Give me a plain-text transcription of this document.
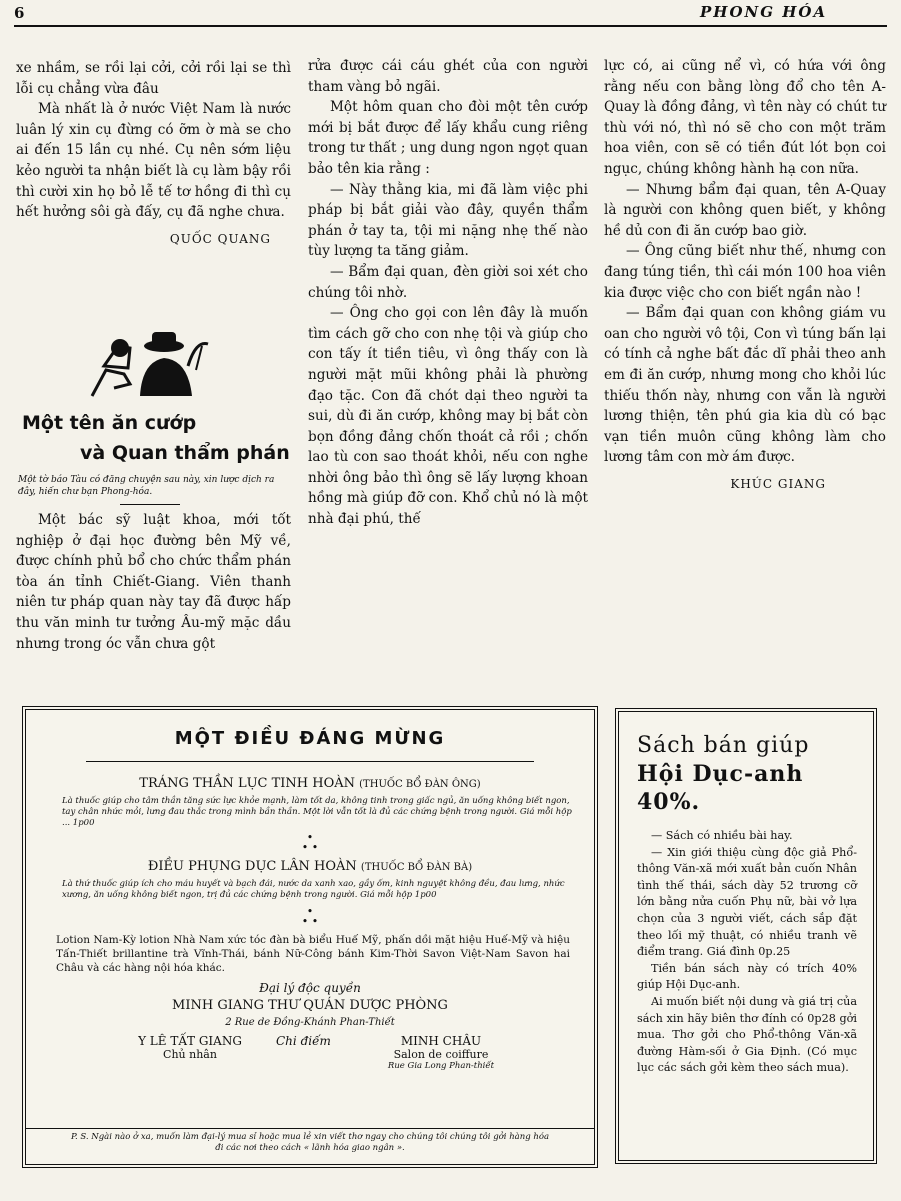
6	PHONG HÓA

xe nhầm, se rồi lại cởi, cởi rồi lại se thì lỗi cụ chẳng vừa đâu

Mà nhất là ở nước Việt Nam là nước luân lý xin cụ đừng có ỡm ờ mà se cho ai đến 15 lần cụ nhé. Cụ nên sớm liệu kẻo người ta nhận biết là cụ làm bậy rồi thì cười xin họ bỏ lễ tế tơ hồng đi thì cụ hết hưởng sôi gà đấy, cụ đã nghe chưa.

QUỐC QUANG
Một tên ăn cướp
và Quan thẩm phán
Một tờ báo Tàu có đăng chuyện sau này, xin lược dịch ra đây, hiến chư bạn Phong-hóa.

Một bác sỹ luật khoa, mới tốt nghiệp ở đại học đường bên Mỹ về, được chính phủ bổ cho chức thẩm phán tòa án tỉnh Chiết-Giang. Viên thanh niên tư pháp quan này tay đã được hấp thu văn minh tư tưởng Âu-mỹ mặc dầu nhưng trong óc vẫn chưa gột

rửa được cái cáu ghét của con người tham vàng bỏ ngãi.

Một hôm quan cho đòi một tên cướp mới bị bắt được để lấy khẩu cung riêng trong tư thất ; ung dung ngon ngọt quan bảo tên kia rằng :

— Này thằng kia, mi đã làm việc phi pháp bị bắt giải vào đây, quyền thẩm phán ở tay ta, tội mi nặng nhẹ thế nào tùy lượng ta tăng giảm.

— Bẩm đại quan, đèn giời soi xét cho chúng tôi nhờ.

— Ông cho gọi con lên đây là muốn tìm cách gỡ cho con nhẹ tội và giúp cho con tấy ít tiền tiêu, vì ông thấy con là người mặt mũi không phải là phường đạo tặc. Con đã chót dại theo người ta sui, dù đi ăn cướp, không may bị bắt còn bọn đồng đảng chốn thoát cả rồi ; chốn lao tù con sao thoát khỏi, nếu con nghe nhời ông bảo thì ông sẽ lấy lượng khoan hồng mà giúp đỡ con. Khổ chủ nó là một nhà đại phú, thế

lực có, ai cũng nể vì, có hứa với ông rằng nếu con bằng lòng đổ cho tên A-Quay là đồng đảng, vì tên này có chút tư thù với nó, thì nó sẽ cho con một trăm hoa viên, con sẽ có tiền đút lót bọn coi ngục, chúng không hành hạ con nữa.

— Nhưng bẩm đại quan, tên A-Quay là người con không quen biết, y không hề dủ con đi ăn cướp bao giờ.

— Ông cũng biết như thế, nhưng con đang túng tiền, thì cái món 100 hoa viên kia được việc cho con biết ngần nào !

— Bẩm đại quan con không giám vu oan cho người vô tội, Con vì túng bấn lại có tính cả nghe bất đắc dĩ phải theo anh em đi ăn cướp, nhưng mong cho khỏi lúc thiếu thốn này, nhưng con vẫn là người lương thiện, tên phú gia kia dù có bạc vạn tiền muôn cũng không làm cho lương tâm con mờ ám được.

KHÚC GIANG
MỘT ĐIỀU ĐÁNG MỪNG
TRÁNG THẦN LỤC TINH HOÀN (THUỐC BỔ ĐÀN ÔNG)
Là thuốc giúp cho tâm thần tăng sức lực khỏe mạnh, làm tốt da, không tinh trong giấc ngủ, ăn uống không biết ngon, tay chân nhức mỏi, lưng đau thắc trong mình bần thần. Một lời vẫn tốt là đủ các chứng bệnh trong người. Giá mỗi hộp ... 1p00
•
• •
ĐIỀU PHỤNG DỤC LÂN HOÀN (THUỐC BỔ ĐÀN BÀ)
Là thứ thuốc giúp ích cho máu huyết và bạch đái, nước da xanh xao, gầy ốm, kinh nguyệt không đều, đau lưng, nhức xương, ăn uống không biết ngon, trị đủ các chứng bệnh trong người. Giá mỗi hộp 1p00
•
• •
Lotion Nam-Kỳ lotion Nhà Nam xức tóc đàn bà biểu Huế Mỹ, phấn dồi mặt hiệu Huế-Mỹ và hiệu Tấn-Thiết brillantine trà Vĩnh-Thái, bánh Nữ-Công bánh Kim-Thời Savon Việt-Nam Savon hai Châu và các hàng nội hóa khác.
Đại lý độc quyền
MINH GIANG THƯ QUÁN DƯỢC PHÒNG
2 Rue de Đồng-Khánh Phan-Thiết
Y LÊ TẤT GIANG
Chủ nhân
Chi điếm	MINH CHÂU
Salon de coiffure
Rue Gia Long Phan-thiết
P. S. Ngài nào ở xa, muốn làm đại-lý mua sỉ hoặc mua lẻ xin viết thơ ngay cho chúng tôi chúng tôi gởi hàng hóa đi các nơi theo cách « lãnh hóa giao ngân ».
Sách bán giúp
Hội Dục-anh 40%.

— Sách có nhiều bài hay.

— Xin giới thiệu cùng độc giả Phổ-thông Văn-xã mới xuất bản cuốn Nhân tình thế thái, sách dày 52 trương cỡ lớn bằng nửa cuốn Phụ nữ, bài vở lựa chọn của 3 người viết, cách sắp đặt theo lối mỹ thuật, có nhiều tranh vẽ điểm trang. Giá đình 0p.25

Tiền bán sách này có trích 40% giúp Hội Dục-anh.

Ai muốn biết nội dung và giá trị của sách xin hãy biên thơ đính có 0p28 gởi mua. Thơ gởi cho Phổ-thông Văn-xã đường Hàm-sối ở Gia Định. (Có mục lục các sách gởi kèm theo sách mua).
